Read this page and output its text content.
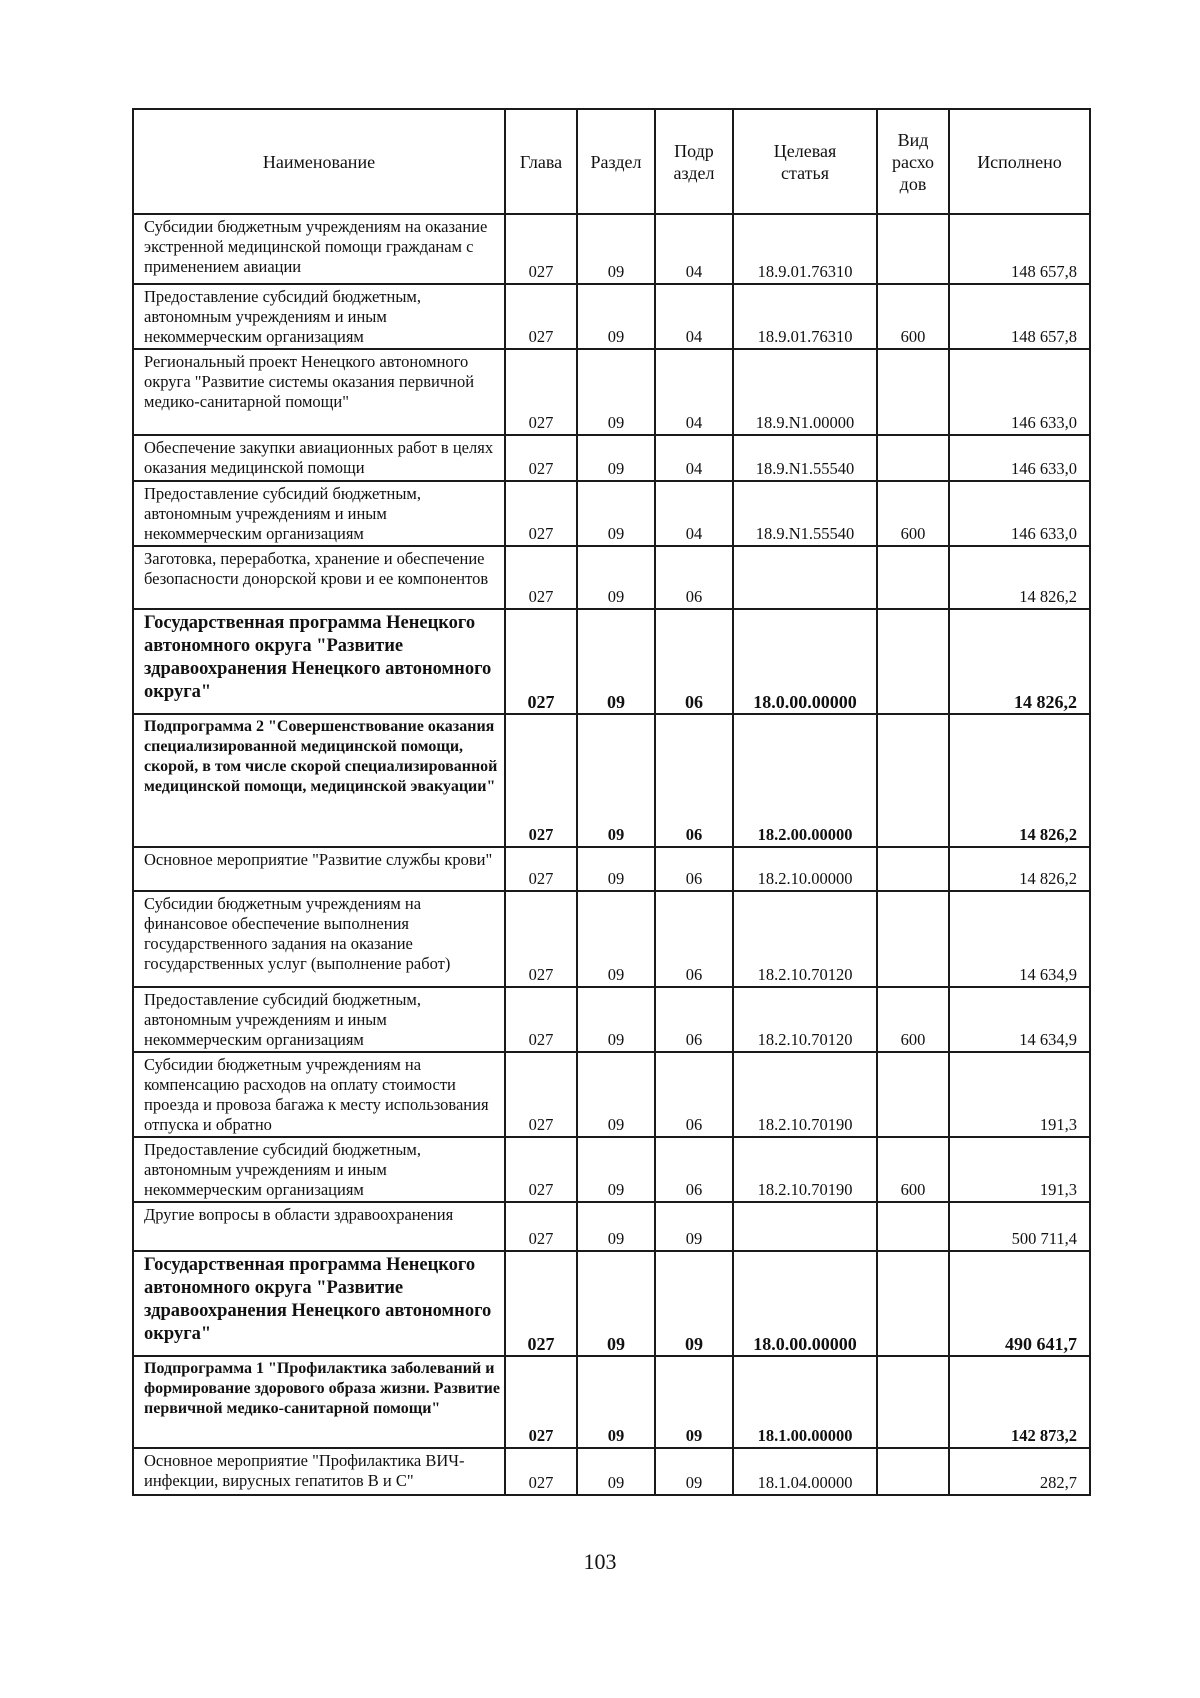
Наименование	Глава	Раздел	Подр аздел	Целевая статья	Вид расхо дов	Исполнено
Субсидии бюджетным учреждениям на оказание экстренной медицинской помощи гражданам с применением авиации	027	09	04	18.9.01.76310		148 657,8
Предоставление субсидий бюджетным, автономным учреждениям и иным некоммерческим организациям	027	09	04	18.9.01.76310	600	148 657,8
Региональный проект Ненецкого автономного округа "Развитие системы оказания первичной медико-санитарной помощи"	027	09	04	18.9.N1.00000		146 633,0
Обеспечение закупки авиационных работ в целях оказания медицинской помощи	027	09	04	18.9.N1.55540		146 633,0
Предоставление субсидий бюджетным, автономным учреждениям и иным некоммерческим организациям	027	09	04	18.9.N1.55540	600	146 633,0
Заготовка, переработка, хранение и обеспечение безопасности донорской крови и ее компонентов	027	09	06			14 826,2
Государственная программа Ненецкого автономного округа "Развитие здравоохранения Ненецкого автономного округа"	027	09	06	18.0.00.00000		14 826,2
Подпрограмма 2 "Совершенствование оказания специализированной медицинской помощи, скорой, в том числе скорой специализированной медицинской помощи, медицинской эвакуации"	027	09	06	18.2.00.00000		14 826,2
Основное мероприятие "Развитие службы крови"	027	09	06	18.2.10.00000		14 826,2
Субсидии бюджетным учреждениям на финансовое обеспечение выполнения государственного задания на оказание государственных услуг (выполнение работ)	027	09	06	18.2.10.70120		14 634,9
Предоставление субсидий бюджетным, автономным учреждениям и иным некоммерческим организациям	027	09	06	18.2.10.70120	600	14 634,9
Субсидии бюджетным учреждениям на компенсацию расходов на оплату стоимости проезда и провоза багажа к месту использования отпуска и обратно	027	09	06	18.2.10.70190		191,3
Предоставление субсидий бюджетным, автономным учреждениям и иным некоммерческим организациям	027	09	06	18.2.10.70190	600	191,3
Другие вопросы в области здравоохранения	027	09	09			500 711,4
Государственная программа Ненецкого автономного округа "Развитие здравоохранения Ненецкого автономного округа"	027	09	09	18.0.00.00000		490 641,7
Подпрограмма 1 "Профилактика заболеваний и формирование здорового образа жизни. Развитие первичной медико-санитарной помощи"	027	09	09	18.1.00.00000		142 873,2
Основное мероприятие "Профилактика ВИЧ-инфекции, вирусных гепатитов В и С"	027	09	09	18.1.04.00000		282,7
103
